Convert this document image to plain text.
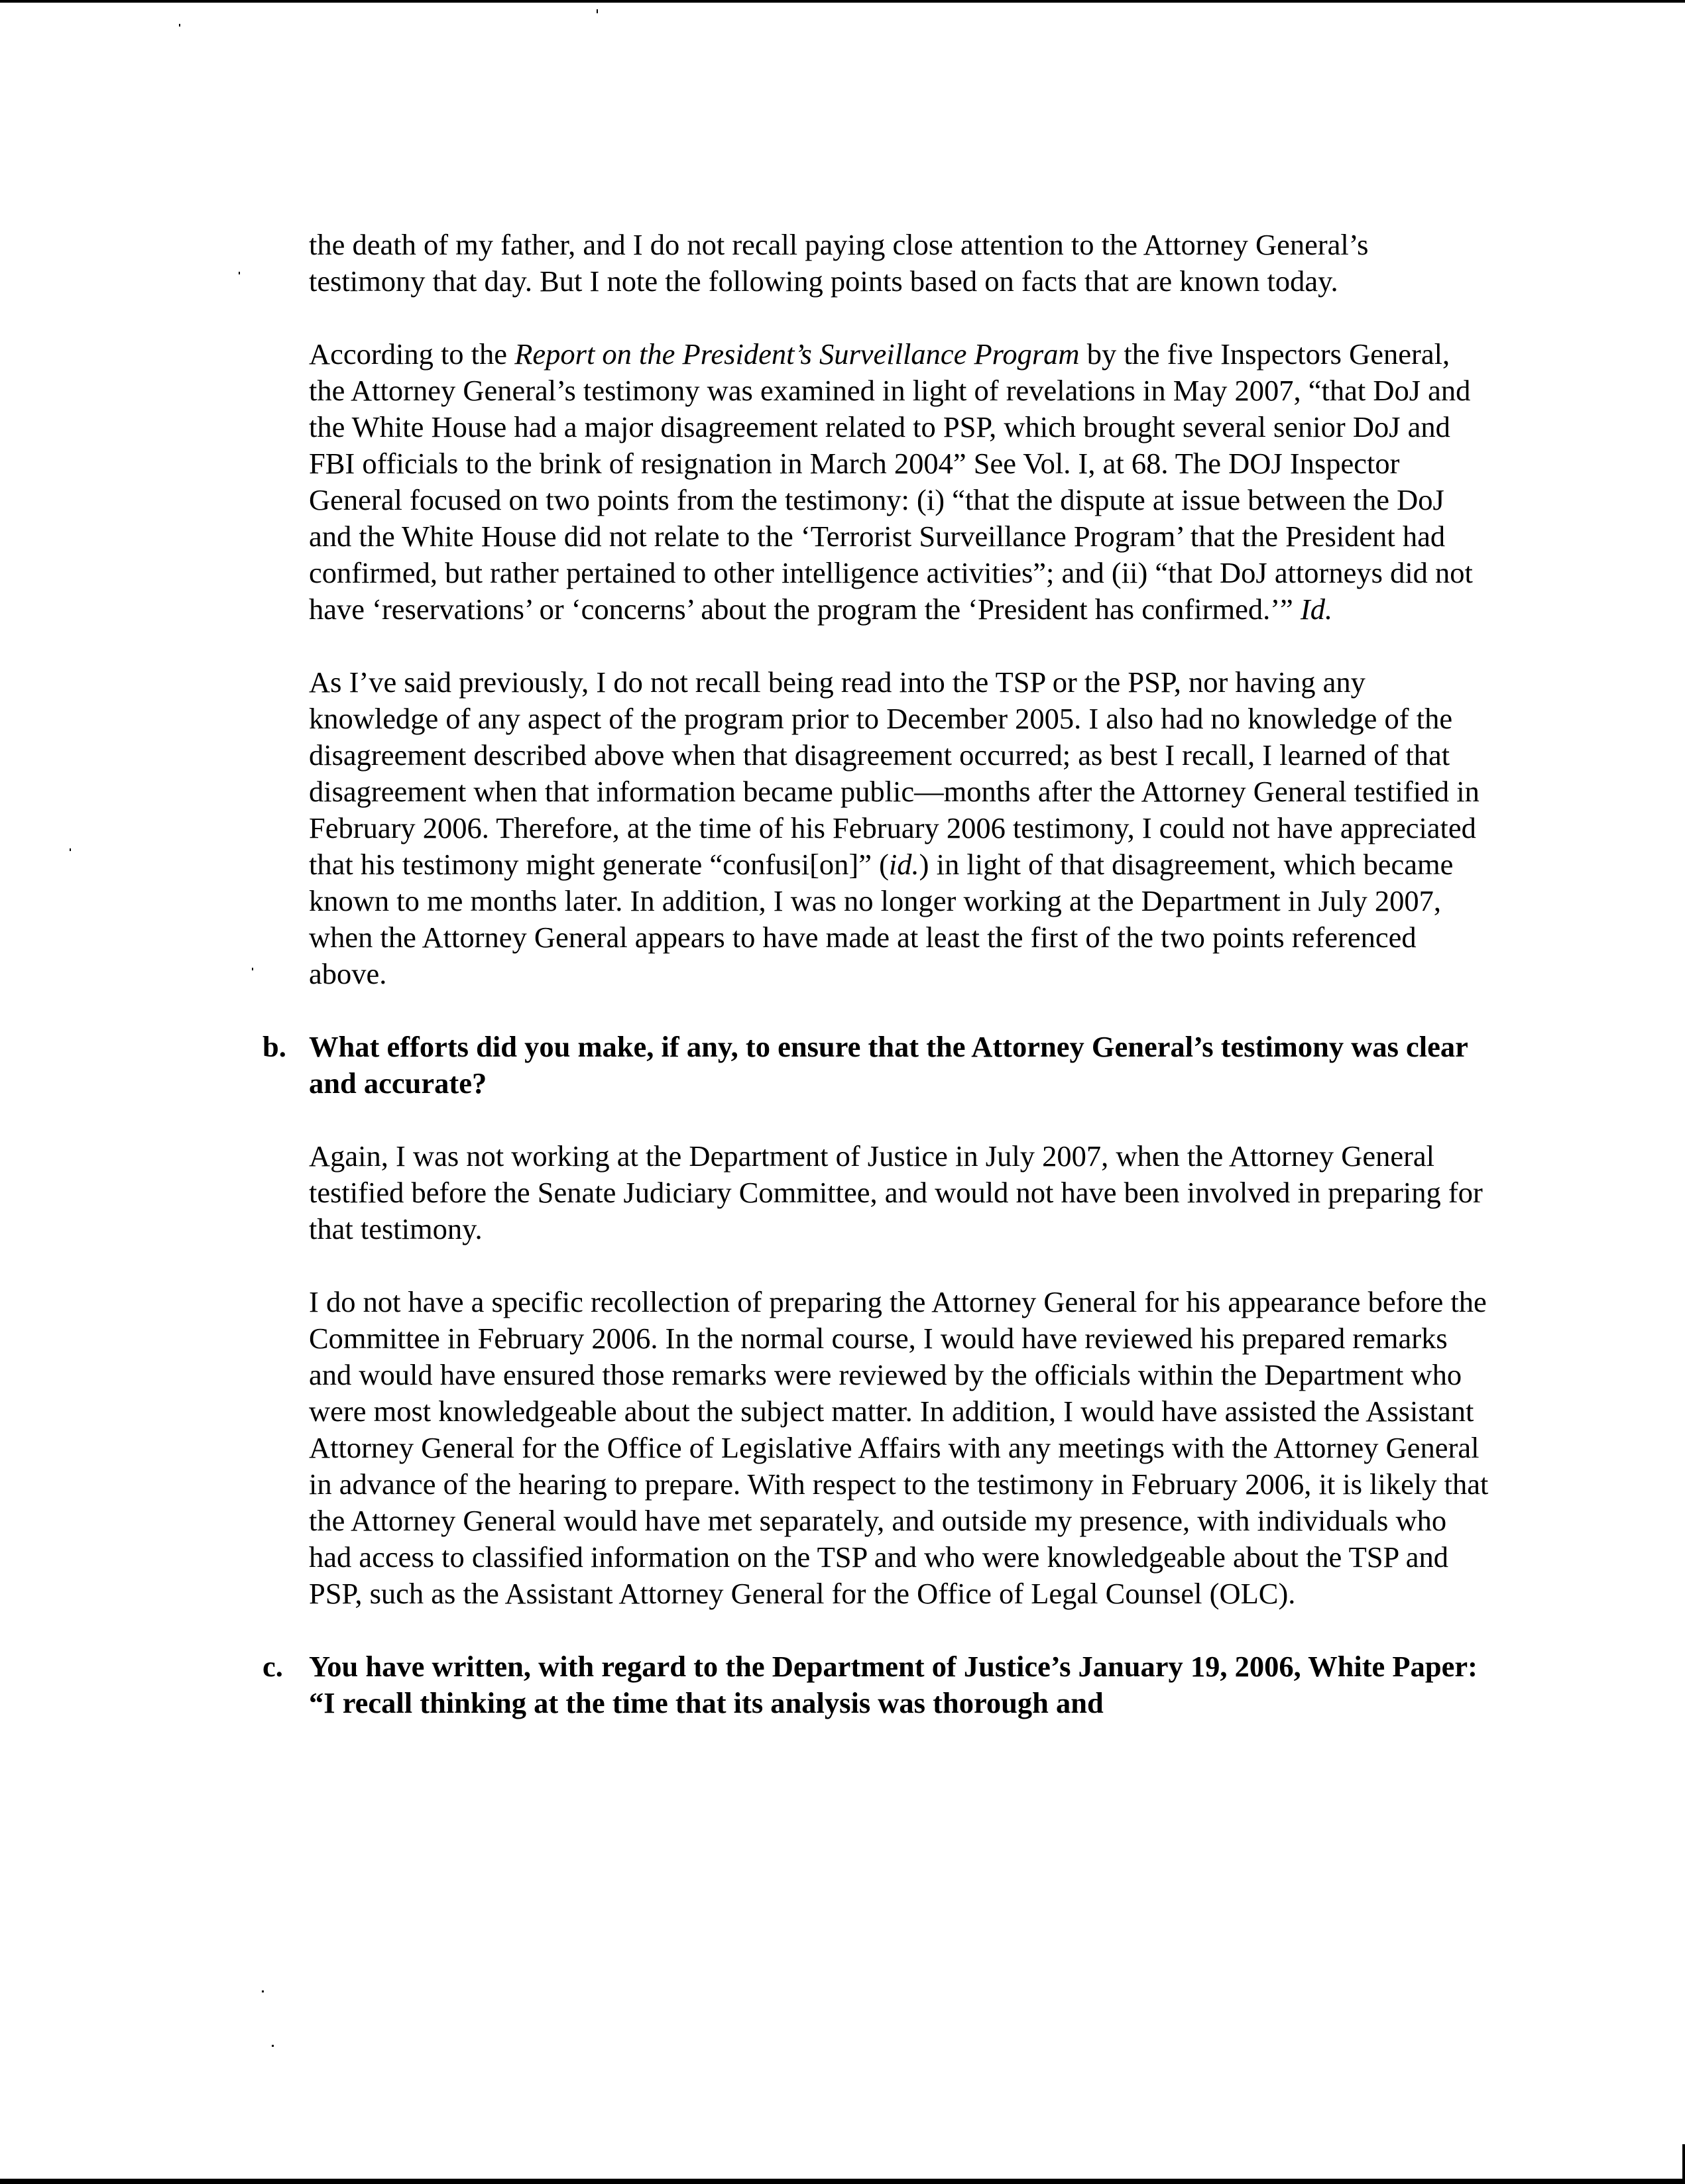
the death of my father, and I do not recall paying close attention to the Attorney General’s testimony that day. But I note the following points based on facts that are known today.

According to the Report on the President’s Surveillance Program by the five Inspectors General, the Attorney General’s testimony was examined in light of revelations in May 2007, “that DoJ and the White House had a major disagreement related to PSP, which brought several senior DoJ and FBI officials to the brink of resignation in March 2004” See Vol. I, at 68. The DOJ Inspector General focused on two points from the testimony: (i) “that the dispute at issue between the DoJ and the White House did not relate to the ‘Terrorist Surveillance Program’ that the President had confirmed, but rather pertained to other intelligence activities”; and (ii) “that DoJ attorneys did not have ‘reservations’ or ‘concerns’ about the program the ‘President has confirmed.’” Id.

As I’ve said previously, I do not recall being read into the TSP or the PSP, nor having any knowledge of any aspect of the program prior to December 2005. I also had no knowledge of the disagreement described above when that disagreement occurred; as best I recall, I learned of that disagreement when that information became public—months after the Attorney General testified in February 2006. Therefore, at the time of his February 2006 testimony, I could not have appreciated that his testimony might generate “confusi[on]” (id.) in light of that disagreement, which became known to me months later. In addition, I was no longer working at the Department in July 2007, when the Attorney General appears to have made at least the first of the two points referenced above.

b. What efforts did you make, if any, to ensure that the Attorney General’s testimony was clear and accurate?

Again, I was not working at the Department of Justice in July 2007, when the Attorney General testified before the Senate Judiciary Committee, and would not have been involved in preparing for that testimony.

I do not have a specific recollection of preparing the Attorney General for his appearance before the Committee in February 2006. In the normal course, I would have reviewed his prepared remarks and would have ensured those remarks were reviewed by the officials within the Department who were most knowledgeable about the subject matter. In addition, I would have assisted the Assistant Attorney General for the Office of Legislative Affairs with any meetings with the Attorney General in advance of the hearing to prepare. With respect to the testimony in February 2006, it is likely that the Attorney General would have met separately, and outside my presence, with individuals who had access to classified information on the TSP and who were knowledgeable about the TSP and PSP, such as the Assistant Attorney General for the Office of Legal Counsel (OLC).

c. You have written, with regard to the Department of Justice’s January 19, 2006, White Paper: “I recall thinking at the time that its analysis was thorough and
